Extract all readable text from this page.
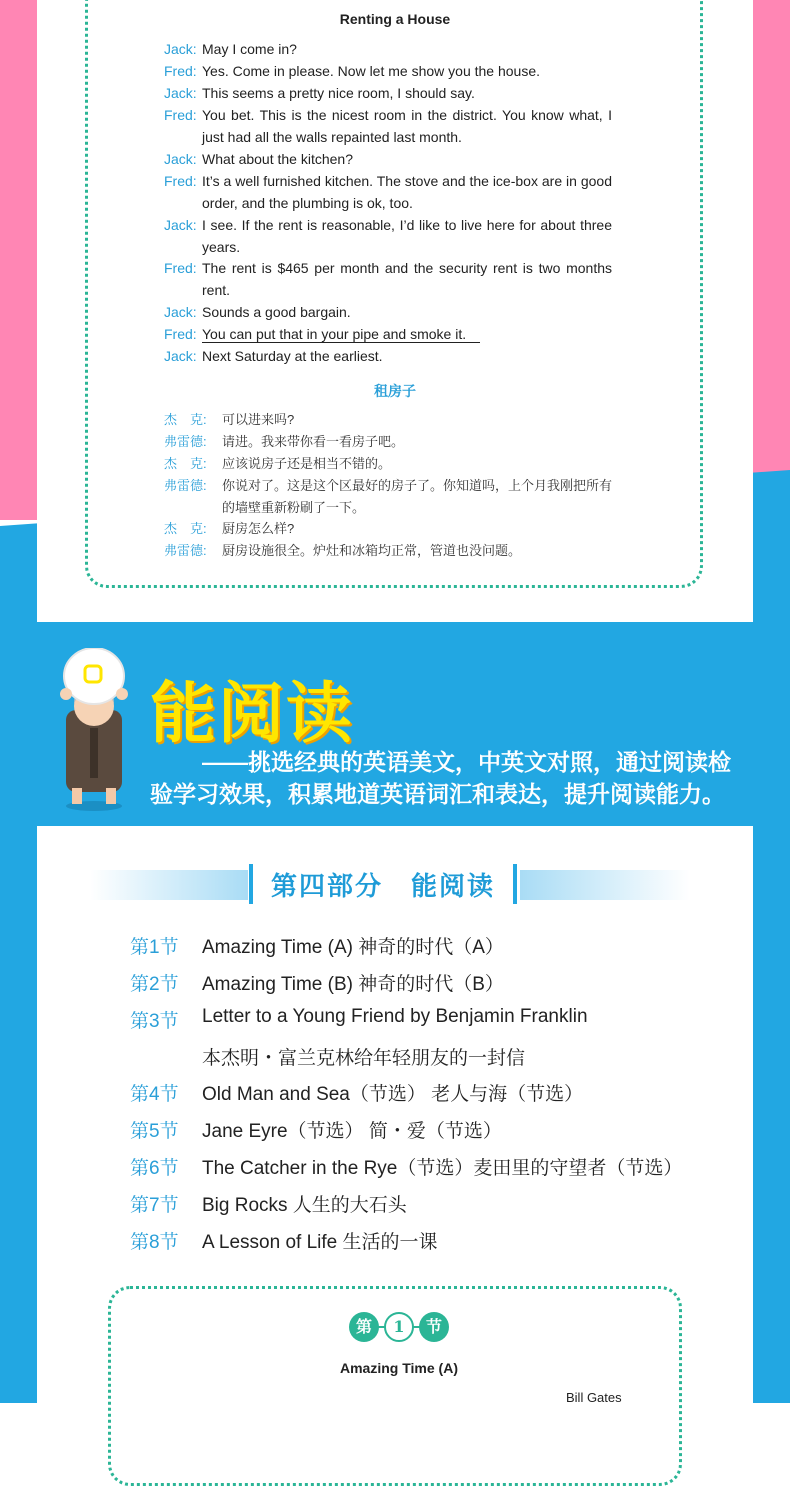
Renting a House
Jack: May I come in?
Fred: Yes. Come in please. Now let me show you the house.
Jack: This seems a pretty nice room, I should say.
Fred: You bet. This is the nicest room in the district. You know what, I just had all the walls repainted last month.
Jack: What about the kitchen?
Fred: It’s a well furnished kitchen. The stove and the ice-box are in good order, and the plumbing is ok, too.
Jack: I see. If the rent is reasonable, I’d like to live here for about three years.
Fred: The rent is $465 per month and the security rent is two months rent.
Jack: Sounds a good bargain.
Fred: You can put that in your pipe and smoke it.
Jack: Next Saturday at the earliest.
租房子
杰　克: 可以进来吗?
弗雷德: 请进。我来带你看一看房子吧。
杰　克: 应该说房子还是相当不错的。
弗雷德: 你说对了。这是这个区最好的房子了。你知道吗，上个月我刚把所有的墙壁重新粉刷了一下。
杰　克: 厨房怎么样?
弗雷德: 厨房设施很全。炉灶和冰箱均正常，管道也没问题。
能阅读
——挑选经典的英语美文，中英文对照，通过阅读检
验学习效果，积累地道英语词汇和表达，提升阅读能力。
第四部分　能阅读
第1节 Amazing Time (A) 神奇的时代（A）
第2节 Amazing Time (B) 神奇的时代（B）
第3节 Letter to a Young Friend by Benjamin Franklin
本杰明・富兰克林给年轻朋友的一封信
第4节 Old Man and Sea（节选） 老人与海（节选）
第5节 Jane Eyre（节选） 简・爱（节选）
第6节 The Catcher in the Rye（节选）麦田里的守望者（节选）
第7节 Big Rocks 人生的大石头
第8节 A Lesson of Life 生活的一课
第	1	节
Amazing Time (A)
Bill Gates
